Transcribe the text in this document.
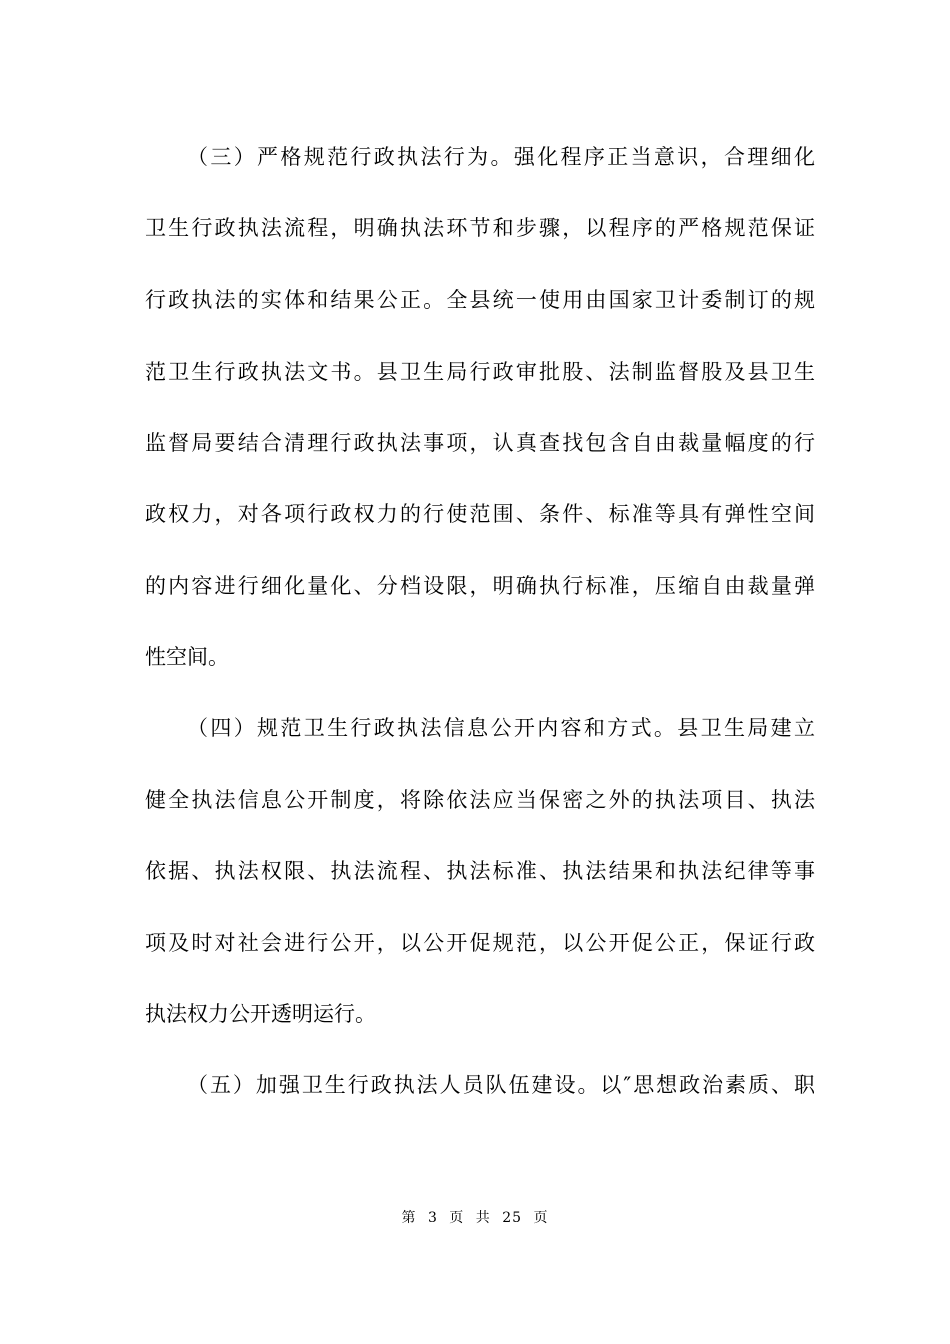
（三）严格规范行政执法行为。强化程序正当意识，合理细化
卫生行政执法流程，明确执法环节和步骤，以程序的严格规范保证
行政执法的实体和结果公正。全县统一使用由国家卫计委制订的规
范卫生行政执法文书。县卫生局行政审批股、法制监督股及县卫生
监督局要结合清理行政执法事项，认真查找包含自由裁量幅度的行
政权力，对各项行政权力的行使范围、条件、标准等具有弹性空间
的内容进行细化量化、分档设限，明确执行标准，压缩自由裁量弹
性空间。
（四）规范卫生行政执法信息公开内容和方式。县卫生局建立
健全执法信息公开制度，将除依法应当保密之外的执法项目、执法
依据、执法权限、执法流程、执法标准、执法结果和执法纪律等事
项及时对社会进行公开，以公开促规范，以公开促公正，保证行政
执法权力公开透明运行。
（五）加强卫生行政执法人员队伍建设。以″思想政治素质、职
第 3 页 共 25 页
